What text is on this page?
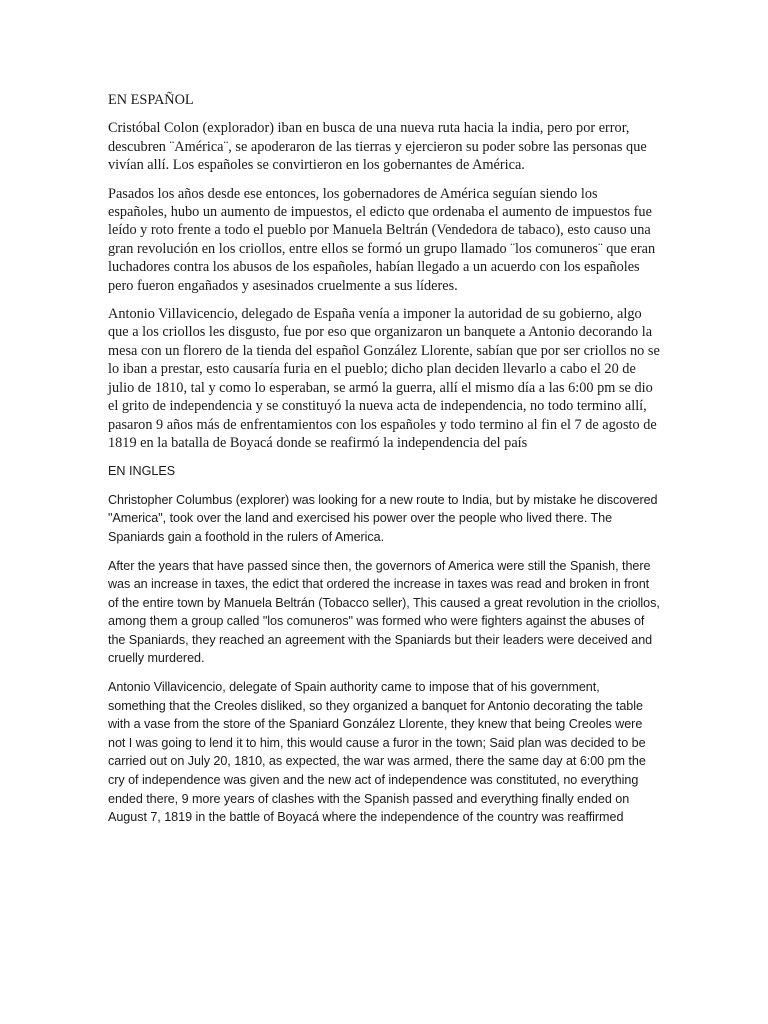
EN ESPAÑOL
Cristóbal Colon (explorador) iban en busca de una nueva ruta hacia la india, pero por error, descubren ¨América¨, se apoderaron de las tierras y ejercieron su poder sobre las personas que vivían allí. Los españoles se convirtieron en los gobernantes de América.
Pasados los años desde ese entonces, los gobernadores de América seguían siendo los españoles, hubo un aumento de impuestos, el edicto que ordenaba el aumento de impuestos fue leído y roto frente a todo el pueblo por Manuela Beltrán (Vendedora de tabaco), esto causo una gran revolución en los criollos, entre ellos se formó un grupo llamado ¨los comuneros¨ que eran luchadores contra los abusos de los españoles, habían llegado a un acuerdo con los españoles pero fueron engañados y asesinados cruelmente a sus líderes.
Antonio Villavicencio, delegado de España venía a imponer la autoridad de su gobierno, algo que a los criollos les disgusto, fue por eso que organizaron un banquete a Antonio decorando la mesa con un florero de la tienda del español González Llorente, sabían que por ser criollos no se lo iban a prestar, esto causaría furia en el pueblo; dicho plan deciden llevarlo a cabo el 20 de julio de 1810, tal y como lo esperaban, se armó la guerra, allí el mismo día a las 6:00 pm se dio el grito de independencia y se constituyó la nueva acta de independencia, no todo termino allí, pasaron 9 años más de enfrentamientos con los españoles y todo termino al fin el 7 de agosto de 1819 en la batalla de Boyacá donde se reafirmó la independencia del país
EN INGLES
Christopher Columbus (explorer) was looking for a new route to India, but by mistake he discovered "America", took over the land and exercised his power over the people who lived there. The Spaniards gain a foothold in the rulers of America.
After the years that have passed since then, the governors of America were still the Spanish, there was an increase in taxes, the edict that ordered the increase in taxes was read and broken in front of the entire town by Manuela Beltrán (Tobacco seller), This caused a great revolution in the criollos, among them a group called "los comuneros" was formed who were fighters against the abuses of the Spaniards, they reached an agreement with the Spaniards but their leaders were deceived and cruelly murdered.
Antonio Villavicencio, delegate of Spain authority came to impose that of his government, something that the Creoles disliked, so they organized a banquet for Antonio decorating the table with a vase from the store of the Spaniard González Llorente, they knew that being Creoles were not I was going to lend it to him, this would cause a furor in the town; Said plan was decided to be carried out on July 20, 1810, as expected, the war was armed, there the same day at 6:00 pm the cry of independence was given and the new act of independence was constituted, no everything ended there, 9 more years of clashes with the Spanish passed and everything finally ended on August 7, 1819 in the battle of Boyacá where the independence of the country was reaffirmed
